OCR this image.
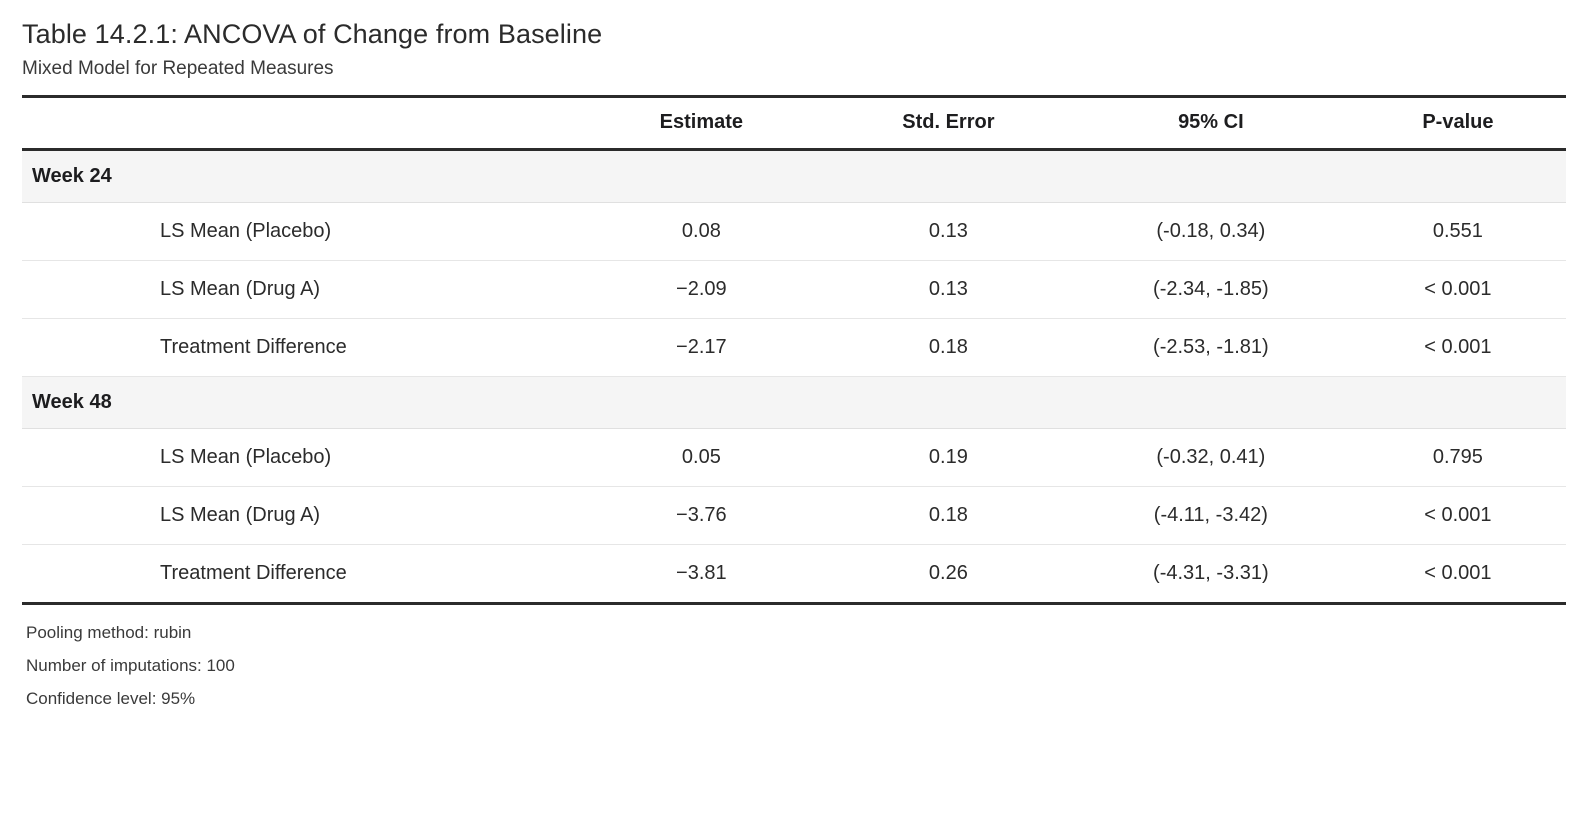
Table 14.2.1: ANCOVA of Change from Baseline
Mixed Model for Repeated Measures
	Estimate	Std. Error	95% CI	P-value
Week 24				
LS Mean (Placebo)	0.08	0.13	(-0.18, 0.34)	0.551
LS Mean (Drug A)	−2.09	0.13	(-2.34, -1.85)	< 0.001
Treatment Difference	−2.17	0.18	(-2.53, -1.81)	< 0.001
Week 48				
LS Mean (Placebo)	0.05	0.19	(-0.32, 0.41)	0.795
LS Mean (Drug A)	−3.76	0.18	(-4.11, -3.42)	< 0.001
Treatment Difference	−3.81	0.26	(-4.31, -3.31)	< 0.001
Pooling method: rubin
Number of imputations: 100
Confidence level: 95%
